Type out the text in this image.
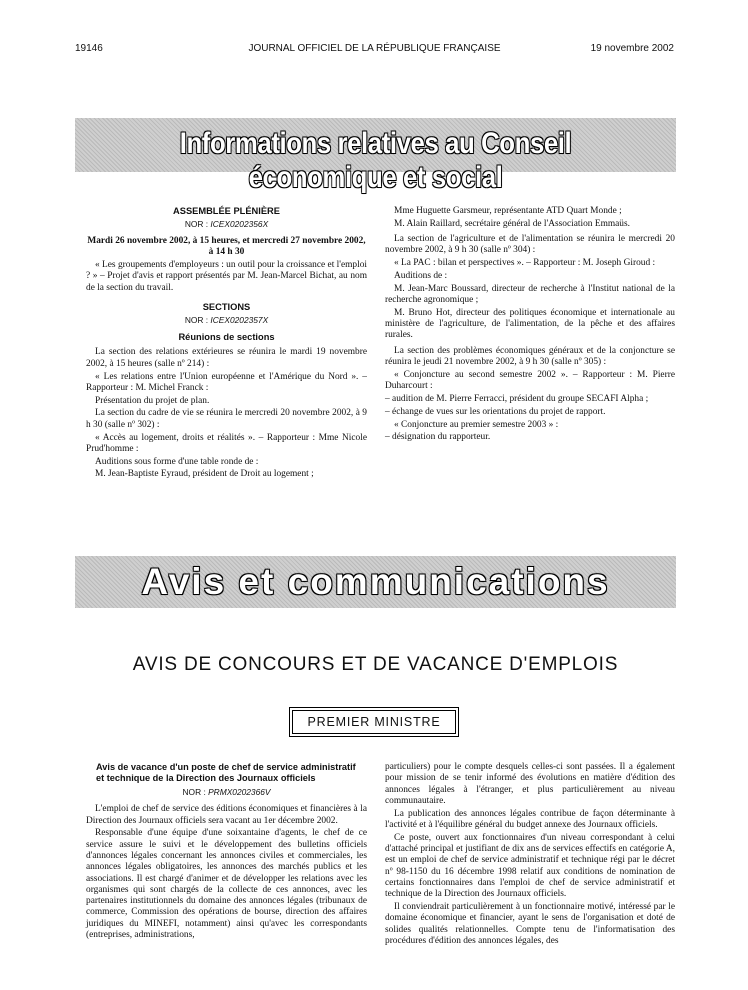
19146	JOURNAL OFFICIEL DE LA RÉPUBLIQUE FRANÇAISE	19 novembre 2002
Informations relatives au Conseil économique et social

ASSEMBLÉE PLÉNIÈRE

NOR : ICEX0202356X

Mardi 26 novembre 2002, à 15 heures, et mercredi 27 novembre 2002, à 14 h 30

« Les groupements d'employeurs : un outil pour la croissance et l'emploi ? » – Projet d'avis et rapport présentés par M. Jean-Marcel Bichat, au nom de la section du travail.

SECTIONS

NOR : ICEX0202357X

Réunions de sections

La section des relations extérieures se réunira le mardi 19 novembre 2002, à 15 heures (salle nº 214) :

« Les relations entre l'Union européenne et l'Amérique du Nord ». – Rapporteur : M. Michel Franck :

Présentation du projet de plan.

La section du cadre de vie se réunira le mercredi 20 novembre 2002, à 9 h 30 (salle nº 302) :

« Accès au logement, droits et réalités ». – Rapporteur : Mme Nicole Prud'homme :

Auditions sous forme d'une table ronde de :

M. Jean-Baptiste Eyraud, président de Droit au logement ;

Mme Huguette Garsmeur, représentante ATD Quart Monde ;

M. Alain Raillard, secrétaire général de l'Association Emmaüs.

La section de l'agriculture et de l'alimentation se réunira le mercredi 20 novembre 2002, à 9 h 30 (salle nº 304) :

« La PAC : bilan et perspectives ». – Rapporteur : M. Joseph Giroud :

Auditions de :

M. Jean-Marc Boussard, directeur de recherche à l'Institut national de la recherche agronomique ;

M. Bruno Hot, directeur des politiques économique et internationale au ministère de l'agriculture, de l'alimentation, de la pêche et des affaires rurales.

La section des problèmes économiques généraux et de la conjoncture se réunira le jeudi 21 novembre 2002, à 9 h 30 (salle nº 305) :

« Conjoncture au second semestre 2002 ». – Rapporteur : M. Pierre Duharcourt :

– audition de M. Pierre Ferracci, président du groupe SECAFI Alpha ;

– échange de vues sur les orientations du projet de rapport.

« Conjoncture au premier semestre 2003 » :

– désignation du rapporteur.

Avis et communications
AVIS DE CONCOURS ET DE VACANCE D'EMPLOIS
PREMIER MINISTRE

Avis de vacance d'un poste de chef de service administratif et technique de la Direction des Journaux officiels

NOR : PRMX0202366V

L'emploi de chef de service des éditions économiques et financières à la Direction des Journaux officiels sera vacant au 1er décembre 2002.

Responsable d'une équipe d'une soixantaine d'agents, le chef de ce service assure le suivi et le développement des bulletins officiels d'annonces légales concernant les annonces civiles et commerciales, les annonces légales obligatoires, les annonces des marchés publics et les associations. Il est chargé d'animer et de développer les relations avec les organismes qui sont chargés de la collecte de ces annonces, avec les partenaires institutionnels du domaine des annonces légales (tribunaux de commerce, Commission des opérations de bourse, direction des affaires juridiques du MINEFI, notamment) ainsi qu'avec les correspondants (entreprises, administrations,

particuliers) pour le compte desquels celles-ci sont passées. Il a également pour mission de se tenir informé des évolutions en matière d'édition des annonces légales à l'étranger, et plus particulièrement au niveau communautaire.

La publication des annonces légales contribue de façon déterminante à l'activité et à l'équilibre général du budget annexe des Journaux officiels.

Ce poste, ouvert aux fonctionnaires d'un niveau correspondant à celui d'attaché principal et justifiant de dix ans de services effectifs en catégorie A, est un emploi de chef de service administratif et technique régi par le décret nº 98-1150 du 16 décembre 1998 relatif aux conditions de nomination de certains fonctionnaires dans l'emploi de chef de service administratif et technique de la Direction des Journaux officiels.

Il conviendrait particulièrement à un fonctionnaire motivé, intéressé par le domaine économique et financier, ayant le sens de l'organisation et doté de solides qualités relationnelles. Compte tenu de l'informatisation des procédures d'édition des annonces légales, des
